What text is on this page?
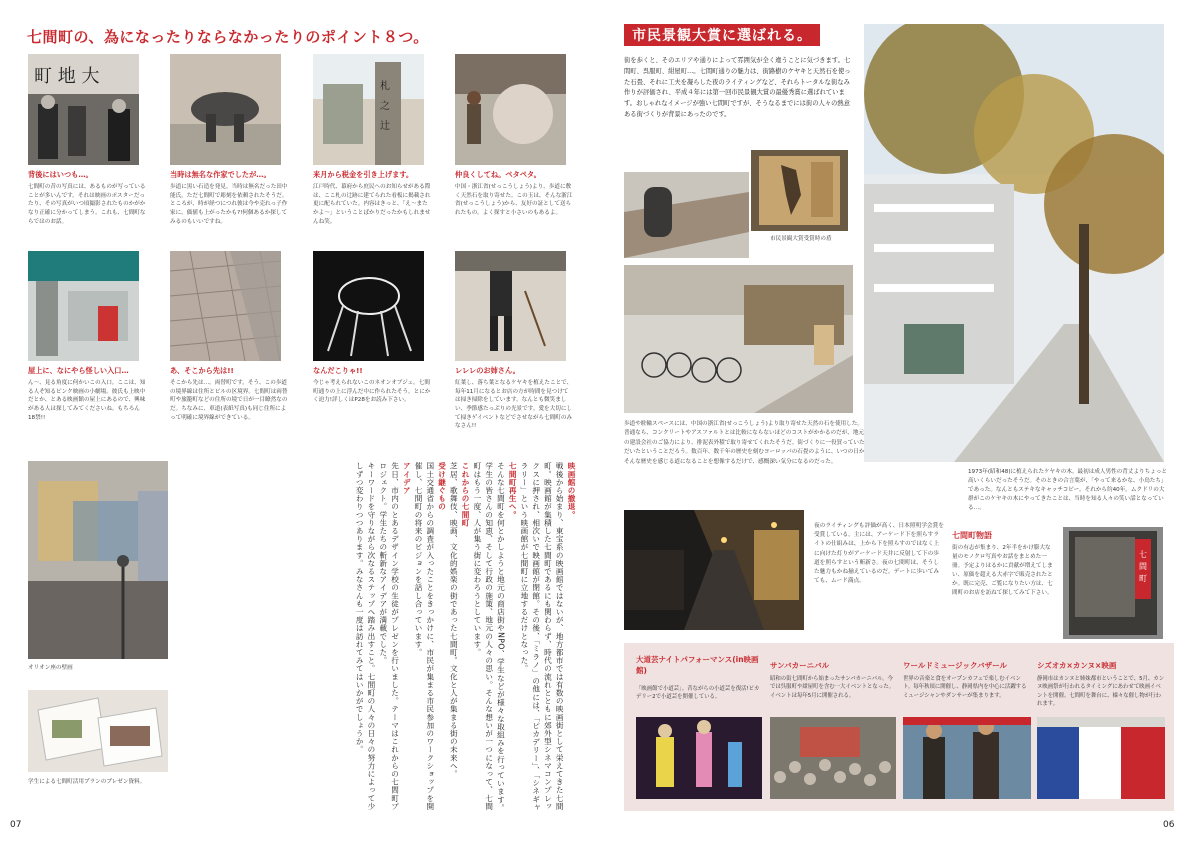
七間町の、為になったりならなかったりのポイント８つ。
町 地 大	札
之
辻
背後にはいつも…。
七間町の昔の写真には、あるものが写っていることが多いんです。それは映画のポスターだったり、その写真がいつ頃撮影されたものかがかなり正確に分かってしまう。これも、七間町ならではのお話。
当時は無名な作家でしたが…。
歩道に黒い石造を発見。当時は無名だった田中能氏。ただ七間町で彫刻を依頼されたそうだ。ところが、時が経つにつれ彼は今や売れっ子作家に。価値も上がったかも?!何個あるか探してみるのもいいですね。
来月から税金を引き上げます。
江戸時代、幕府から庶民へのお知らせがある際は、ここ札の辻跡に建てられた看板に掲載され更に配られていた。内容はきっと、「え～またかよ～」ということばかりだったかもしれませんね笑。
仲良くしてね。ペタペタ。
中国・浙江省(せっこうしょう)より、歩道に敷く天然石を取り寄せた。この玉は、そんな浙江省(せっこうしょう)から、友好の証として送られたもの。よく探すと小さいのもあるよ。
屋上に、なにやら怪しい入口…
ん～、見る角度に何かいこの入口。ここは、知る人ぞ知るピンク映画の小劇場。彼氏も上映中だとか、とある映画館の屋上にあるので、興味がある人は探してみてくださいね。もちろん18禁!!
あ、そこから先は!!
そこから先は…。両替町です。そう、この歩道の境界線は住所とビルの区境界。七間町は両替町や旅籠町などの住所の境で日が一目瞭然なのだ。ちなみに、車道(表紙写真)も同じ住所によって明確に境界線ができている。
なんだこりゃ!!
今じゃ考えられないこのネオンオブジェ。七間町通りの上に浮んだ中に作られたそう。とにかく迫力!詳しくはP28をお読み下さい。
レレレのお姉さん。
紅葉し、落ち葉となるケヤキを植えたことで、毎年11月になるとお店の方が時間を見つけては掃き掃除をしています。なんとも微笑ましい、季節感たっぷりの光景です。愛を大切にして掃きゲイベントなどでさせながら七間町のみなさん!!
オリオン座の壁画
学生による七間町活用プランのプレゼン資料。
映画館の撤退。
戦後から始まり、東宝系の映画館ではないが、地方都市では有数の映画街として栄えてきた七間町。映画館が集積した七間町であるにも関わらず、時代の流れとともに郊外型シネマコンプレックスに押され、相次いで映画館が閉館。その後、「ミラノ」の他には、「ピカデリー」、「シネギャラリー」という映画館が七間町に立地するだけとなった。
七間町再生へ。
そんな七間町を何とかしようと地元の商店街やNPO、学生などが様々な取組みを行っています。学生の皆さんの知恵、そして行政の施策、地元の人々の思い。そんな想いが一つになって、七間町はもう一度、人が集う街に変わろうとしています。
これからの七間町
芝居、歌舞伎、映画、文化的娯楽の街であった七間町。文化と人が集まる街の未来へ。
受け継ぐもの
国土交通省からの調査が入ったことをきっかけに、市民が集まる市民参加のワークショップを開催し、七間町の将来のビジョンを話し合っています。
アイデア
先日、市内のとあるデザイン学校の生徒がプレゼンを行いました。テーマはこれからの七間町プロジェクト。学生たちの斬新なアイデアが満載でした。
キーワードを守りながら次なるステップへ踏み出すこと。七間町の人々の日々の努力によって少しずつ変わりつつあります。みなさんも一度は訪れてみてはいかがでしょうか。
07
市民景観大賞に選ばれる。
街を歩くと、そのエリアや通りによって雰囲気が全く違うことに気づきます。七間町、呉服町、紺屋町…。七間町通りの魅力は、街路樹のケヤキと天然石を使った石畳、それに工夫を凝らした夜のライティングなど、それらトータルな街なみ作りが評価され、平成４年には第一回市民景観大賞の最優秀賞に選ばれています。おしゃれなイメージが強い七間町ですが、そうなるまでには街の人々の熱意ある街づくりが背景にあったのです。
1973年(昭和48)に植えられたケヤキの木。最初は成人男性の背丈よりちょっと高いくらいだったそうだ。そのときの合言葉が、「やって来るかな、小鳥たち」であった。なんともステキなキャッチコピー。それから約40年。ムクドリの大群がこのケヤキの木にやってきたことは、当時を知る人々の笑い話となっている…。
市民景観大賞受賞時の盾
歩道や駐輪スペースには、中国の浙江省(せっこうしょう)より取り寄せた天然の石を使用した。普通なら、コンクリートやアスファルトとは比較にならないほどのコストがかかるのだが、地元の建設会社のご協力により、排泥表外積で取り寄せてくれたそうだ。街づくりに一役買っていただいたということだろう。数百年、数千年の歴史を刻むヨーロッパの石畳のように、いつの日かそんな歴史を感じる道になることを想像するだけで、感慨深い気分になるのだった。
夜のライティングも評価が高く、日本照明学会賞を受賞している。主には、アーケード下を照らすライトの仕組みは、上から下を照らすのではなく上に向けた灯りがアーケード天井に反射して下の歩道を照らすという斬新さ。夜の七間町は、そうした魅力もかね揃えているのだ。デートに歩いてみても、ムード満点。
七間町物語
街の有志が集まり、2年半をかけ膨大な量のモノクロ写真やお話をまとめた一冊。予定よりはるかに貢献が増えてしまい、原価を超える大赤字で販売されたとか。既に完売、ご覧になりたい方は、七間町のお店を訪ねて探してみて下さい。
七
間
町
大道芸ナイトパフォーマンス(in映画館)
「映画館で小道芸」。昔ながらの小道芸を復活!ピカデリー2で小道芸を開催している。
サンバカーニバル
昭和の街七間町から始まったサンバカーニバル。今では呉服町や紺屋町を含む一大イベントとなった。イベントは毎年5月に開催される。
ワールドミュージックバザール
世界の音楽と食をオープンカフェで楽しむイベント。毎年秋頃に開催し、静岡県内を中心に活躍するミュージシャンやダンサーが集まります。
シズオカ×カンヌ×映画
静岡市はカンヌと姉妹都市ということで、5月、カンヌ映画祭が行われるタイミングにあわせて映画イベントを開催。七間町を舞台に、様々な催し物が行われます。
06
